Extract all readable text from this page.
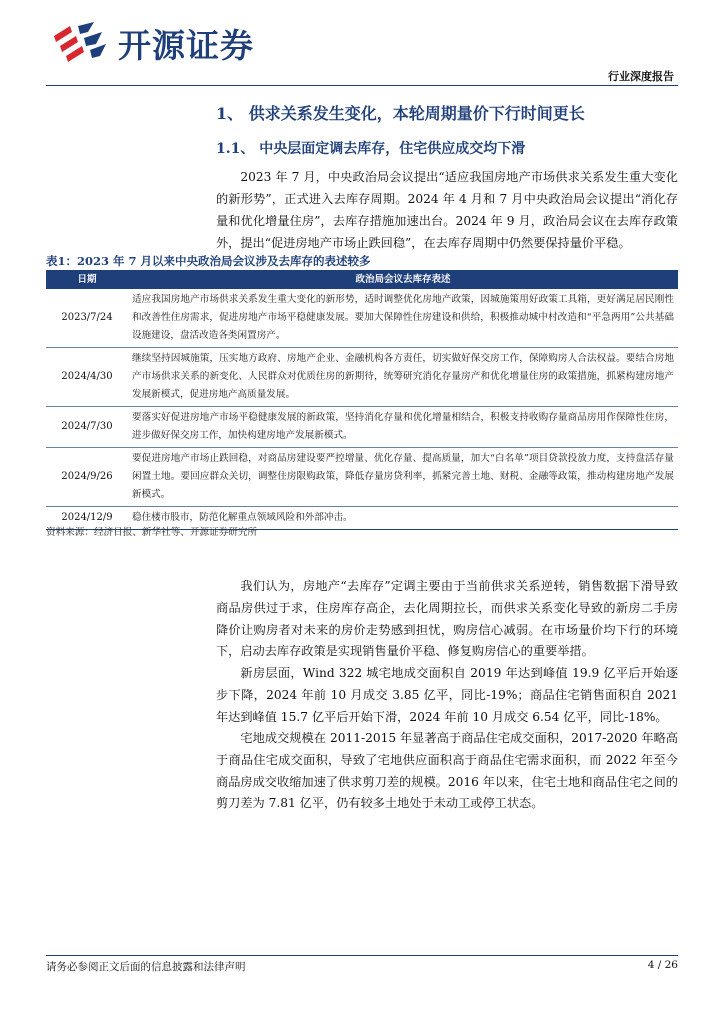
开源证券
行业深度报告
1、 供求关系发生变化，本轮周期量价下行时间更长
1.1、 中央层面定调去库存，住宅供应成交均下滑
2023 年 7 月，中央政治局会议提出“适应我国房地产市场供求关系发生重大变化的新形势”，正式进入去库存周期。2024 年 4 月和 7 月中央政治局会议提出“消化存量和优化增量住房”，去库存措施加速出台。2024 年 9 月，政治局会议在去库存政策外，提出“促进房地产市场止跌回稳”，在去库存周期中仍然要保持量价平稳。
表1：2023 年 7 月以来中央政治局会议涉及去库存的表述较多
日期	政治局会议去库存表述
2023/7/24	适应我国房地产市场供求关系发生重大变化的新形势，适时调整优化房地产政策，因城施策用好政策工具箱，更好满足居民刚性和改善性住房需求，促进房地产市场平稳健康发展。要加大保障性住房建设和供给，积极推动城中村改造和“平急两用”公共基础设施建设，盘活改造各类闲置房产。
2024/4/30	继续坚持因城施策，压实地方政府、房地产企业、金融机构各方责任，切实做好保交房工作，保障购房人合法权益。要结合房地产市场供求关系的新变化、人民群众对优质住房的新期待，统筹研究消化存量房产和优化增量住房的政策措施，抓紧构建房地产发展新模式，促进房地产高质量发展。
2024/7/30	要落实好促进房地产市场平稳健康发展的新政策，坚持消化存量和优化增量相结合，积极支持收购存量商品房用作保障性住房，进步做好保交房工作，加快构建房地产发展新模式。
2024/9/26	要促进房地产市场止跌回稳，对商品房建设要严控增量、优化存量、提高质量，加大“白名单”项目贷款投放力度，支持盘活存量闲置土地。要回应群众关切，调整住房限购政策，降低存量房贷利率，抓紧完善土地、财税、金融等政策，推动构建房地产发展新模式。
2024/12/9	稳住楼市股市，防范化解重点领域风险和外部冲击。
资料来源：经济日报、新华社等、开源证券研究所
我们认为，房地产“去库存”定调主要由于当前供求关系逆转，销售数据下滑导致商品房供过于求，住房库存高企，去化周期拉长，而供求关系变化导致的新房二手房降价让购房者对未来的房价走势感到担忧，购房信心减弱。在市场量价均下行的环境下，启动去库存政策是实现销售量价平稳、修复购房信心的重要举措。
新房层面，Wind 322 城宅地成交面积自 2019 年达到峰值 19.9 亿平后开始逐步下降，2024 年前 10 月成交 3.85 亿平，同比-19%；商品住宅销售面积自 2021 年达到峰值 15.7 亿平后开始下滑，2024 年前 10 月成交 6.54 亿平，同比-18%。
宅地成交规模在 2011-2015 年显著高于商品住宅成交面积，2017-2020 年略高于商品住宅成交面积，导致了宅地供应面积高于商品住宅需求面积，而 2022 年至今商品房成交收缩加速了供求剪刀差的规模。2016 年以来，住宅土地和商品住宅之间的剪刀差为 7.81 亿平，仍有较多土地处于未动工或停工状态。
请务必参阅正文后面的信息披露和法律声明	4 / 26
